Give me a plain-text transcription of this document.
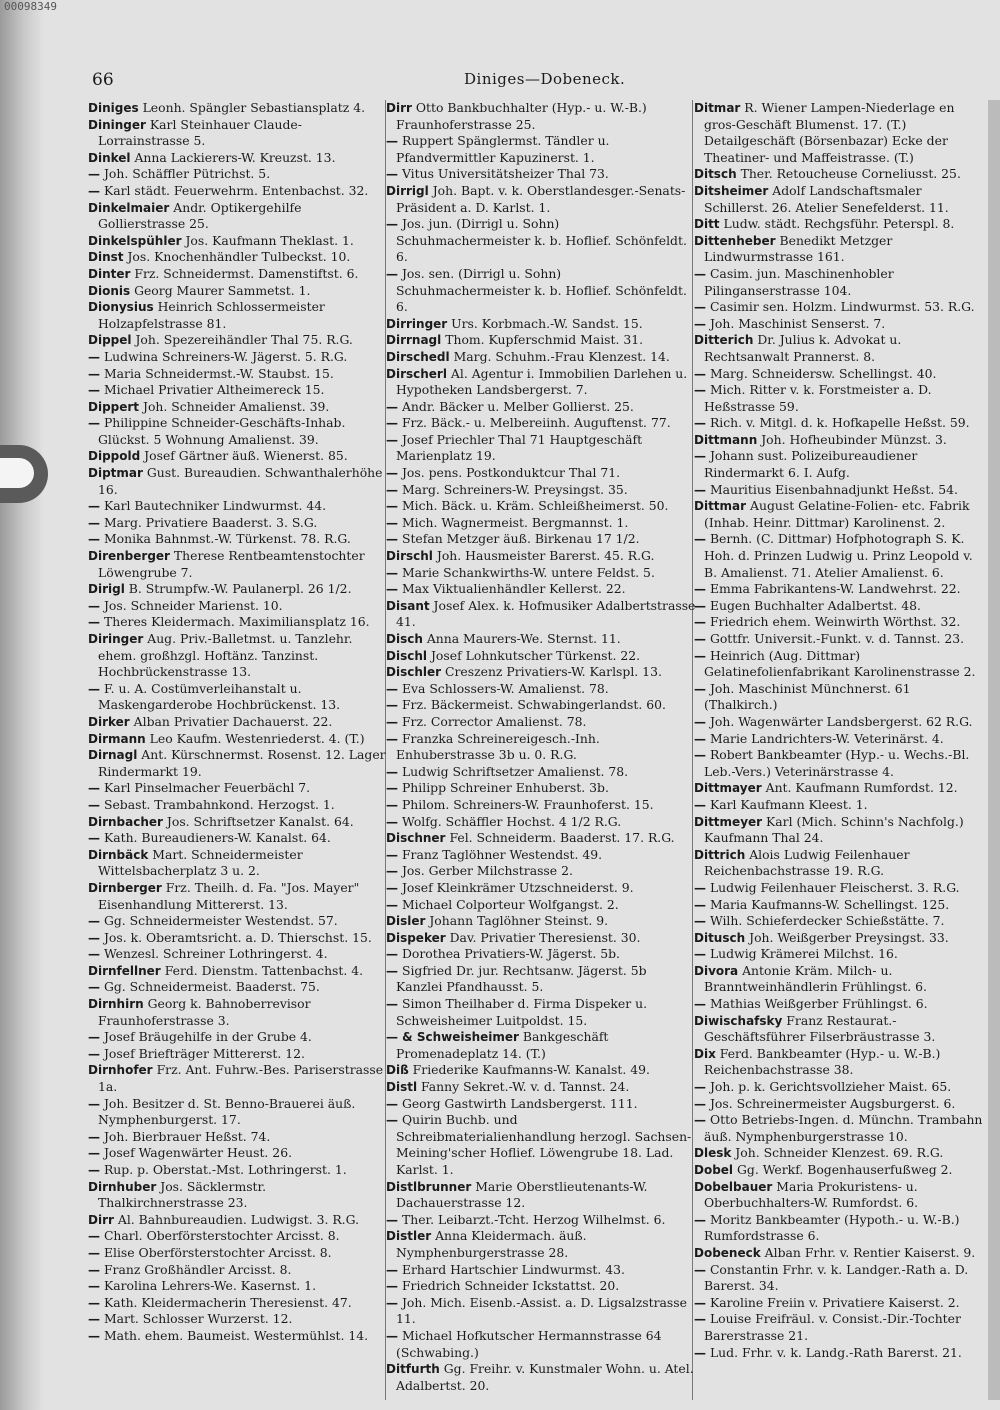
00098349
66	Diniges—Dobeneck.
Diniges Leonh. Spängler Sebastiansplatz 4.
Dininger Karl Steinhauer Claude-Lorrainstrasse 5.
Dinkel Anna Lackierers-W. Kreuzst. 13.
— Joh. Schäffler Pütrichst. 5.
— Karl städt. Feuerwehrm. Entenbachst. 32.
Dinkelmaier Andr. Optikergehilfe Gollierstrasse 25.
Dinkelspühler Jos. Kaufmann Theklast. 1.
Dinst Jos. Knochenhändler Tulbeckst. 10.
Dinter Frz. Schneidermst. Damenstiftst. 6.
Dionis Georg Maurer Sammetst. 1.
Dionysius Heinrich Schlossermeister Holzapfelstrasse 81.
Dippel Joh. Spezereihändler Thal 75. R.G.
— Ludwina Schreiners-W. Jägerst. 5. R.G.
— Maria Schneidermst.-W. Staubst. 15.
— Michael Privatier Altheimereck 15.
Dippert Joh. Schneider Amalienst. 39.
— Philippine Schneider-Geschäfts-Inhab. Glückst. 5 Wohnung Amalienst. 39.
Dippold Josef Gärtner äuß. Wienerst. 85.
Diptmar Gust. Bureaudien. Schwanthalerhöhe 16.
— Karl Bautechniker Lindwurmst. 44.
— Marg. Privatiere Baaderst. 3. S.G.
— Monika Bahnmst.-W. Türkenst. 78. R.G.
Direnberger Therese Rentbeamtenstochter Löwengrube 7.
Dirigl B. Strumpfw.-W. Paulanerpl. 26 1/2.
— Jos. Schneider Marienst. 10.
— Theres Kleidermach. Maximiliansplatz 16.
Diringer Aug. Priv.-Balletmst. u. Tanzlehr. ehem. großhzgl. Hoftänz. Tanzinst. Hochbrückenstrasse 13.
— F. u. A. Costümverleihanstalt u. Maskengarderobe Hochbrückenst. 13.
Dirker Alban Privatier Dachauerst. 22.
Dirmann Leo Kaufm. Westenriederst. 4. (T.)
Dirnagl Ant. Kürschnermst. Rosenst. 12. Lager Rindermarkt 19.
— Karl Pinselmacher Feuerbächl 7.
— Sebast. Trambahnkond. Herzogst. 1.
Dirnbacher Jos. Schriftsetzer Kanalst. 64.
— Kath. Bureaudieners-W. Kanalst. 64.
Dirnbäck Mart. Schneidermeister Wittelsbacherplatz 3 u. 2.
Dirnberger Frz. Theilh. d. Fa. "Jos. Mayer" Eisenhandlung Mittererst. 13.
— Gg. Schneidermeister Westendst. 57.
— Jos. k. Oberamtsricht. a. D. Thierschst. 15.
— Wenzesl. Schreiner Lothringerst. 4.
Dirnfellner Ferd. Dienstm. Tattenbachst. 4.
— Gg. Schneidermeist. Baaderst. 75.
Dirnhirn Georg k. Bahnoberrevisor Fraunhoferstrasse 3.
— Josef Bräugehilfe in der Grube 4.
— Josef Briefträger Mittererst. 12.
Dirnhofer Frz. Ant. Fuhrw.-Bes. Pariserstrasse 1a.
— Joh. Besitzer d. St. Benno-Brauerei äuß. Nymphenburgerst. 17.
— Joh. Bierbrauer Heßst. 74.
— Josef Wagenwärter Heust. 26.
— Rup. p. Oberstat.-Mst. Lothringerst. 1.
Dirnhuber Jos. Säcklermstr. Thalkirchnerstrasse 23.
Dirr Al. Bahnbureaudien. Ludwigst. 3. R.G.
— Charl. Oberförsterstochter Arcisst. 8.
— Elise Oberförsterstochter Arcisst. 8.
— Franz Großhändler Arcisst. 8.
— Karolina Lehrers-We. Kasernst. 1.
— Kath. Kleidermacherin Theresienst. 47.
— Mart. Schlosser Wurzerst. 12.
— Math. ehem. Baumeist. Westermühlst. 14.
Dirr Otto Bankbuchhalter (Hyp.- u. W.-B.) Fraunhoferstrasse 25.
— Ruppert Spänglermst. Tändler u. Pfandvermittler Kapuzinerst. 1.
— Vitus Universitätsheizer Thal 73.
Dirrigl Joh. Bapt. v. k. Oberstlandesger.-Senats-Präsident a. D. Karlst. 1.
— Jos. jun. (Dirrigl u. Sohn) Schuhmachermeister k. b. Hoflief. Schönfeldt. 6.
— Jos. sen. (Dirrigl u. Sohn) Schuhmachermeister k. b. Hoflief. Schönfeldt. 6.
Dirringer Urs. Korbmach.-W. Sandst. 15.
Dirrnagl Thom. Kupferschmid Maist. 31.
Dirschedl Marg. Schuhm.-Frau Klenzest. 14.
Dirscherl Al. Agentur i. Immobilien Darlehen u. Hypotheken Landsbergerst. 7.
— Andr. Bäcker u. Melber Gollierst. 25.
— Frz. Bäck.- u. Melbereiinh. Auguftenst. 77.
— Josef Priechler Thal 71 Hauptgeschäft Marienplatz 19.
— Jos. pens. Postkonduktcur Thal 71.
— Marg. Schreiners-W. Preysingst. 35.
— Mich. Bäck. u. Kräm. Schleißheimerst. 50.
— Mich. Wagnermeist. Bergmannst. 1.
— Stefan Metzger äuß. Birkenau 17 1/2.
Dirschl Joh. Hausmeister Barerst. 45. R.G.
— Marie Schankwirths-W. untere Feldst. 5.
— Max Viktualienhändler Kellerst. 22.
Disant Josef Alex. k. Hofmusiker Adalbertstrasse 41.
Disch Anna Maurers-We. Sternst. 11.
Dischl Josef Lohnkutscher Türkenst. 22.
Dischler Creszenz Privatiers-W. Karlspl. 13.
— Eva Schlossers-W. Amalienst. 78.
— Frz. Bäckermeist. Schwabingerlandst. 60.
— Frz. Corrector Amalienst. 78.
— Franzka Schreinereigesch.-Inh. Enhuberstrasse 3b u. 0. R.G.
— Ludwig Schriftsetzer Amalienst. 78.
— Philipp Schreiner Enhuberst. 3b.
— Philom. Schreiners-W. Fraunhoferst. 15.
— Wolfg. Schäffler Hochst. 4 1/2 R.G.
Dischner Fel. Schneiderm. Baaderst. 17. R.G.
— Franz Taglöhner Westendst. 49.
— Jos. Gerber Milchstrasse 2.
— Josef Kleinkrämer Utzschneiderst. 9.
— Michael Colporteur Wolfgangst. 2.
Disler Johann Taglöhner Steinst. 9.
Dispeker Dav. Privatier Theresienst. 30.
— Dorothea Privatiers-W. Jägerst. 5b.
— Sigfried Dr. jur. Rechtsanw. Jägerst. 5b Kanzlei Pfandhausst. 5.
— Simon Theilhaber d. Firma Dispeker u. Schweisheimer Luitpoldst. 15.
— & Schweisheimer Bankgeschäft Promenadeplatz 14. (T.)
Diß Friederike Kaufmanns-W. Kanalst. 49.
Distl Fanny Sekret.-W. v. d. Tannst. 24.
— Georg Gastwirth Landsbergerst. 111.
— Quirin Buchb. und Schreibmaterialienhandlung herzogl. Sachsen-Meining'scher Hoflief. Löwengrube 18. Lad. Karlst. 1.
Distlbrunner Marie Oberstlieutenants-W. Dachauerstrasse 12.
— Ther. Leibarzt.-Tcht. Herzog Wilhelmst. 6.
Distler Anna Kleidermach. äuß. Nymphenburgerstrasse 28.
— Erhard Hartschier Lindwurmst. 43.
— Friedrich Schneider Ickstattst. 20.
— Joh. Mich. Eisenb.-Assist. a. D. Ligsalzstrasse 11.
— Michael Hofkutscher Hermannstrasse 64 (Schwabing.)
Ditfurth Gg. Freihr. v. Kunstmaler Wohn. u. Atel. Adalbertst. 20.
Ditmar R. Wiener Lampen-Niederlage en gros-Geschäft Blumenst. 17. (T.) Detailgeschäft (Börsenbazar) Ecke der Theatiner- und Maffeistrasse. (T.)
Ditsch Ther. Retoucheuse Corneliusst. 25.
Ditsheimer Adolf Landschaftsmaler Schillerst. 26. Atelier Senefelderst. 11.
Ditt Ludw. städt. Rechgsführ. Peterspl. 8.
Dittenheber Benedikt Metzger Lindwurmstrasse 161.
— Casim. jun. Maschinenhobler Pilinganserstrasse 104.
— Casimir sen. Holzm. Lindwurmst. 53. R.G.
— Joh. Maschinist Senserst. 7.
Ditterich Dr. Julius k. Advokat u. Rechtsanwalt Prannerst. 8.
— Marg. Schneidersw. Schellingst. 40.
— Mich. Ritter v. k. Forstmeister a. D. Heßstrasse 59.
— Rich. v. Mitgl. d. k. Hofkapelle Heßst. 59.
Dittmann Joh. Hofheubinder Münzst. 3.
— Johann sust. Polizeibureaudiener Rindermarkt 6. I. Aufg.
— Mauritius Eisenbahnadjunkt Heßst. 54.
Dittmar August Gelatine-Folien- etc. Fabrik (Inhab. Heinr. Dittmar) Karolinenst. 2.
— Bernh. (C. Dittmar) Hofphotograph S. K. Hoh. d. Prinzen Ludwig u. Prinz Leopold v. B. Amalienst. 71. Atelier Amalienst. 6.
— Emma Fabrikantens-W. Landwehrst. 22.
— Eugen Buchhalter Adalbertst. 48.
— Friedrich ehem. Weinwirth Wörthst. 32.
— Gottfr. Universit.-Funkt. v. d. Tannst. 23.
— Heinrich (Aug. Dittmar) Gelatinefolienfabrikant Karolinenstrasse 2.
— Joh. Maschinist Münchnerst. 61 (Thalkirch.)
— Joh. Wagenwärter Landsbergerst. 62 R.G.
— Marie Landrichters-W. Veterinärst. 4.
— Robert Bankbeamter (Hyp.- u. Wechs.-Bl. Leb.-Vers.) Veterinärstrasse 4.
Dittmayer Ant. Kaufmann Rumfordst. 12.
— Karl Kaufmann Kleest. 1.
Dittmeyer Karl (Mich. Schinn's Nachfolg.) Kaufmann Thal 24.
Dittrich Alois Ludwig Feilenhauer Reichenbachstrasse 19. R.G.
— Ludwig Feilenhauer Fleischerst. 3. R.G.
— Maria Kaufmanns-W. Schellingst. 125.
— Wilh. Schieferdecker Schießstätte. 7.
Ditusch Joh. Weißgerber Preysingst. 33.
— Ludwig Krämerei Milchst. 16.
Divora Antonie Kräm. Milch- u. Branntweinhändlerin Frühlingst. 6.
— Mathias Weißgerber Frühlingst. 6.
Diwischafsky Franz Restaurat.-Geschäftsführer Filserbräustrasse 3.
Dix Ferd. Bankbeamter (Hyp.- u. W.-B.) Reichenbachstrasse 38.
— Joh. p. k. Gerichtsvollzieher Maist. 65.
— Jos. Schreinermeister Augsburgerst. 6.
— Otto Betriebs-Ingen. d. Münchn. Trambahn äuß. Nymphenburgerstrasse 10.
Dlesk Joh. Schneider Klenzest. 69. R.G.
Dobel Gg. Werkf. Bogenhauserfußweg 2.
Dobelbauer Maria Prokuristens- u. Oberbuchhalters-W. Rumfordst. 6.
— Moritz Bankbeamter (Hypoth.- u. W.-B.) Rumfordstrasse 6.
Dobeneck Alban Frhr. v. Rentier Kaiserst. 9.
— Constantin Frhr. v. k. Landger.-Rath a. D. Barerst. 34.
— Karoline Freiin v. Privatiere Kaiserst. 2.
— Louise Freifräul. v. Consist.-Dir.-Tochter Barerstrasse 21.
— Lud. Frhr. v. k. Landg.-Rath Barerst. 21.
